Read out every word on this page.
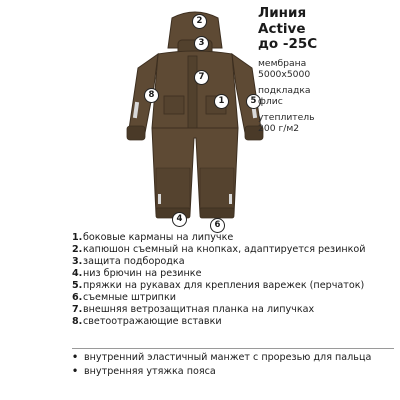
2
3
7
8
1	5
4
6

Линия

Active

до -25С

мембрана

5000х5000

подкладка

флис

утеплитель

200 г/м2

1. боковые карманы на липучке
2. капюшон съемный на кнопках, адаптируется резинкой
3. защита подбородка
4. низ брючин на резинке
5. пряжки на рукавах для крепления варежек (перчаток)
6. съемные штрипки
7. внешняя ветрозащитная планка на липучках
8. светоотражающие вставки
• внутренний эластичный манжет с прорезью для пальца
• внутренняя утяжка пояса
